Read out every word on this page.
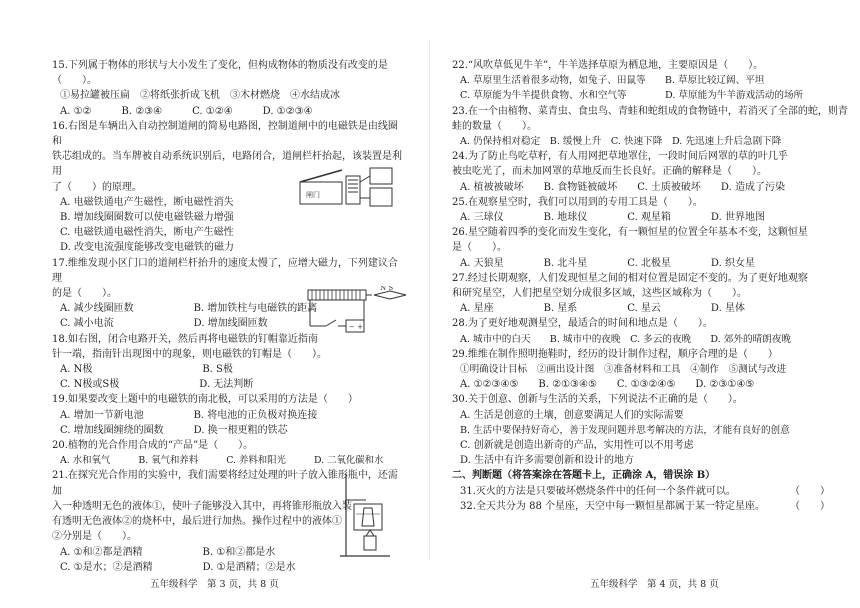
15.下列属于物体的形状与大小发生了变化，但构成物体的物质没有改变的是

（　　）。

①易拉罐被压扁　②将纸张折成飞机　③木材燃烧　④水结成冰

A. ①②　　　B. ②③④　　　C. ①②④　　　D. ①②③④

16.右图是车辆出入自动控制道闸的简易电路图，控制道闸中的电磁铁是由线圈和

铁芯组成的。当车牌被自动系统识别后，电路闭合，道闸栏杆抬起，该装置是利用

了（　　）的原理。

A. 电磁铁通电产生磁性，断电磁性消失

B. 增加线圈圈数可以使电磁铁磁力增强

C. 电磁铁通电磁性消失，断电产生磁性

D. 改变电流强度能够改变电磁铁的磁力

17.维维发现小区门口的道闸栏杆抬升的速度太慢了，应增大磁力，下列建议合理

的是（　　）。

A. 减少线圈匝数　　　　　　B. 增加铁柱与电磁铁的距离

C. 减小电流　　　　　　　　D. 增加线圈匝数

18.如右图，闭合电路开关，然后再将电磁铁的钉帽靠近指南

针一端，指南针出现图中的现象，则电磁铁的钉帽是（　　）。

A. N极　　　　　　　　　　　B. S极

C. N极或S极　　　　　　　　D. 无法判断

19.如果要改变上题中的电磁铁的南北极，可以采用的方法是（　　）

A. 增加一节新电池　　　　　B. 将电池的正负极对换连接

C. 增加线圈缠绕的圈数　　　D. 换一根更粗的铁芯

20.植物的光合作用合成的“产品”是（　　）。

A. 水和氧气　　　B. 氧气和养料　　　C. 养料和阳光　　　D. 二氧化碳和水

21.在探究光合作用的实验中，我们需要将经过处理的叶子放入锥形瓶中，还需加

入一种透明无色的液体①，使叶子能够没入其中，再将锥形瓶放入装

有透明无色液体②的烧杯中，最后进行加热。操作过程中的液体①

②分别是（　　）。

A. ①和②都是酒精　　　　　　B. ①和②都是水

C. ①是水；②是酒精　　　　　D. ①是酒精；②是水

闸门
N S
− +
五年级科学　第 3 页，共 8 页

22.“风吹草低见牛羊”，牛羊选择草原为栖息地，主要原因是（　　）。

A. 草原里生活着很多动物，如兔子、田鼠等　　B. 草原比较辽阔、平坦

C. 草原能为牛羊提供食物、水和空气等　　　　D. 草原能为牛羊游戏活动的场所

23.在一个由植物、菜青虫、食虫鸟、青蛙和蛇组成的食物链中，若消灭了全部的蛇，则青

蛙的数量（　　）。

A. 仍保持相对稳定　B. 缓慢上升　C. 快速下降　D. 先迅速上升后急剧下降

24.为了防止鸟吃草籽，有人用网把草地罩住，一段时间后网罩的草的叶几乎

被虫吃光了，而未加网罩的草地反而生长良好。正确的解释是（　　）。

A. 植被被破坏　　B. 食物链被破坏　　C. 土质被破坏　　D. 造成了污染

25.在观察星空时，我们可以用到的专用工具是（　　）。

A. 三球仪　　　　B. 地球仪　　　　C. 观星箱　　　　D. 世界地图

26.星空随着四季的变化而发生变化，有一颗恒星的位置全年基本不变，这颗恒星

是（　　）。

A. 天狼星　　　　B. 北斗星　　　　C. 北极星　　　　D. 织女星

27.经过长期观察，人们发现恒星之间的相对位置是固定不变的。为了更好地观察

和研究星空，人们把星空划分成很多区域，这些区域称为（　　）。

A. 星座　　　　　B. 星系　　　　　C. 星云　　　　　D. 星体

28.为了更好地观测星空，最适合的时间和地点是（　　）。

A. 城市中的白天　　B. 城市中的夜晚　C. 多云的夜晚　　D. 郊外的晴朗夜晚

29.维维在制作照明拖鞋时，经历的设计制作过程，顺序合理的是（　　）

①明确设计目标　②画出设计图　③准备材料和工具　④制作　⑤测试与改进

A. ①②③④⑤　　B. ②①③④⑤　　C. ①③②④⑤　　D. ②③①④⑤

30.关于创意、创新与生活的关系，下列说法不正确的是（　　）。

A. 生活是创意的土壤，创意要满足人们的实际需要

B. 生活中要保持好奇心，善于发现问题并思考解决的方法，才能有良好的创意

C. 创新就是创造出新奇的产品，实用性可以不用考虑

D. 生活中有许多需要创新和设计的地方

二、判断题（将答案涂在答题卡上，正确涂 A，错误涂 B）

31.灭火的方法是只要破坏燃烧条件中的任何一个条件就可以。	（　　）

32.全天共分为 88 个星座，天空中每一颗恒星都属于某一特定星座。	（　　）

五年级科学　第 4 页，共 8 页
